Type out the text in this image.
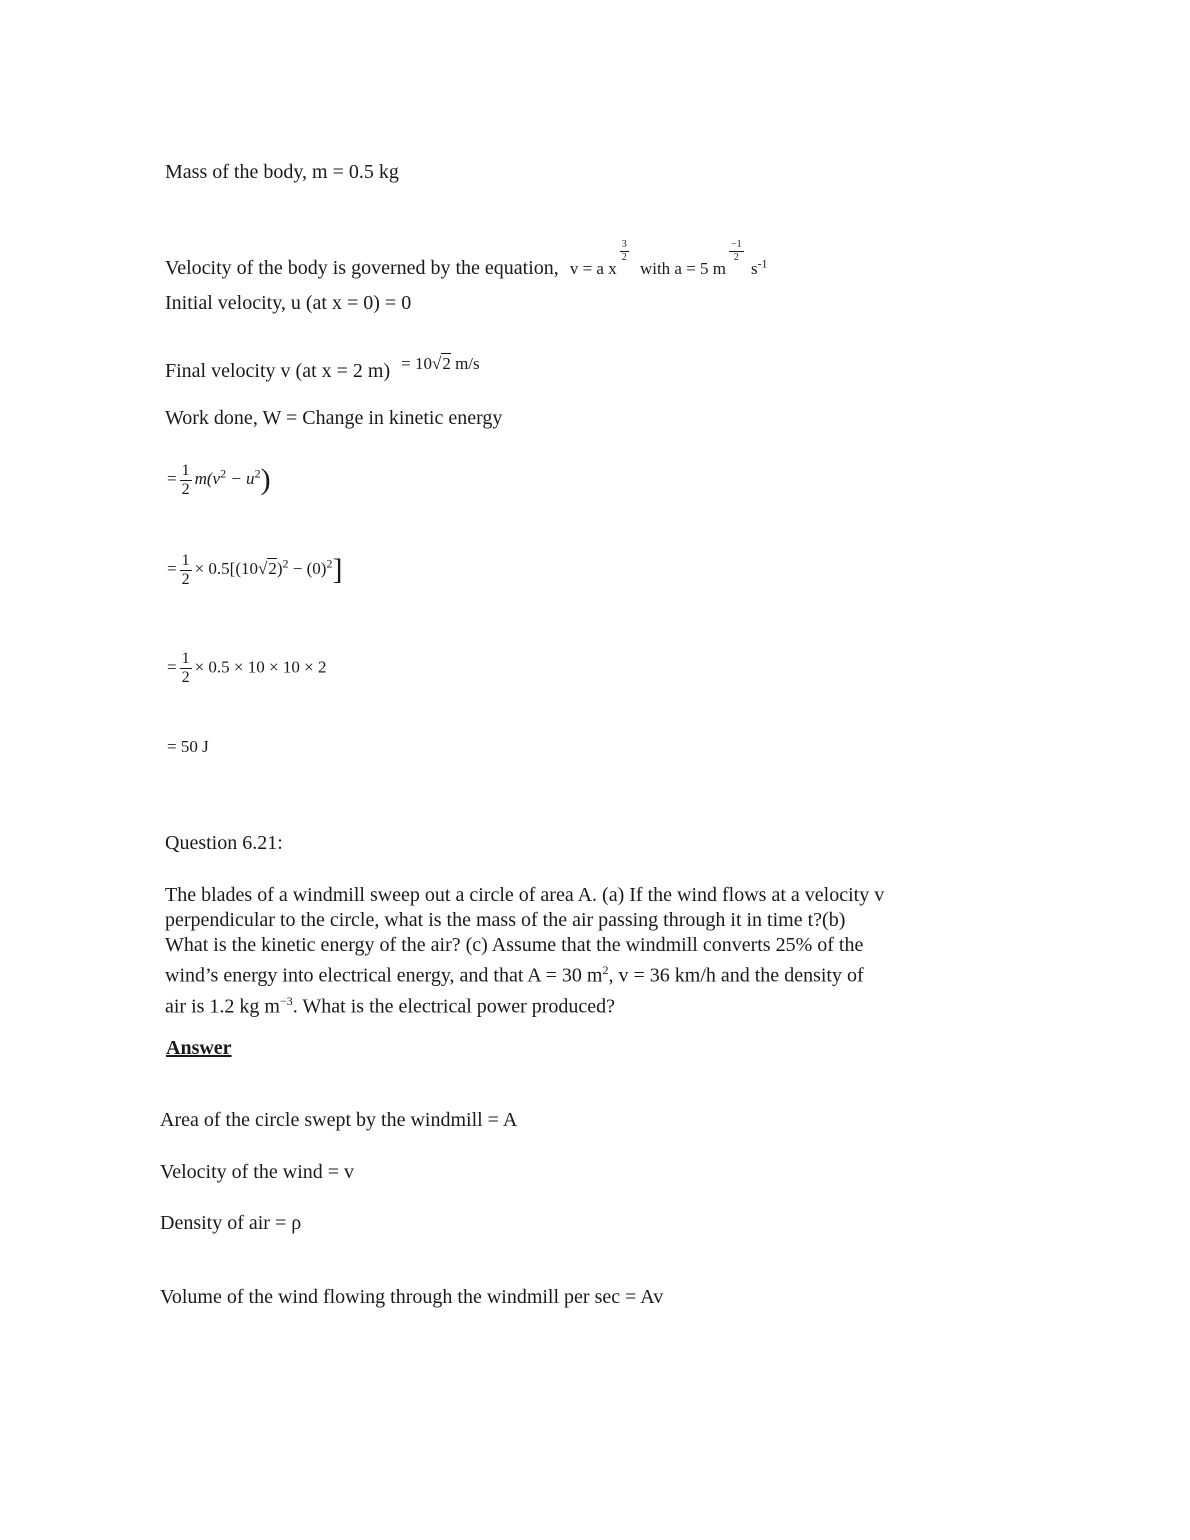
Mass of the body, m = 0.5 kg
Velocity of the body is governed by the equation, v = a x
$\frac{3}{2}$
with a = 5 m
$\frac{-1}{2}$
$s^{-1}$
Initial velocity, u (at x = 0) = 0
Final velocity v (at x = 2 m) $^{= 10√2 m/s}$
Work done, W = Change in kinetic energy
= $\frac{1}{2} m(v^2 - u^2)$
= $\frac{1}{2} \times 0.5[(10√2)^2 - (0)^2]$
= $\frac{1}{2} \times 0.5 \times 10 \times 10 \times 2$
= 50 J
Question 6.21:
The blades of a windmill sweep out a circle of area A. (a) If the wind flows at a velocity v
perpendicular to the circle, what is the mass of the air passing through it in time t?(b)
What is the kinetic energy of the air? (c) Assume that the windmill converts 25% of the
wind’s energy into electrical energy, and that A = 30 $m^2$, v = 36 km/h and the density of
air is 1.2 kg $m^{-3}$. What is the electrical power produced?
Answer
Area of the circle swept by the windmill = A
Velocity of the wind = v
Density of air = ρ
Volume of the wind flowing through the windmill per sec = Av
